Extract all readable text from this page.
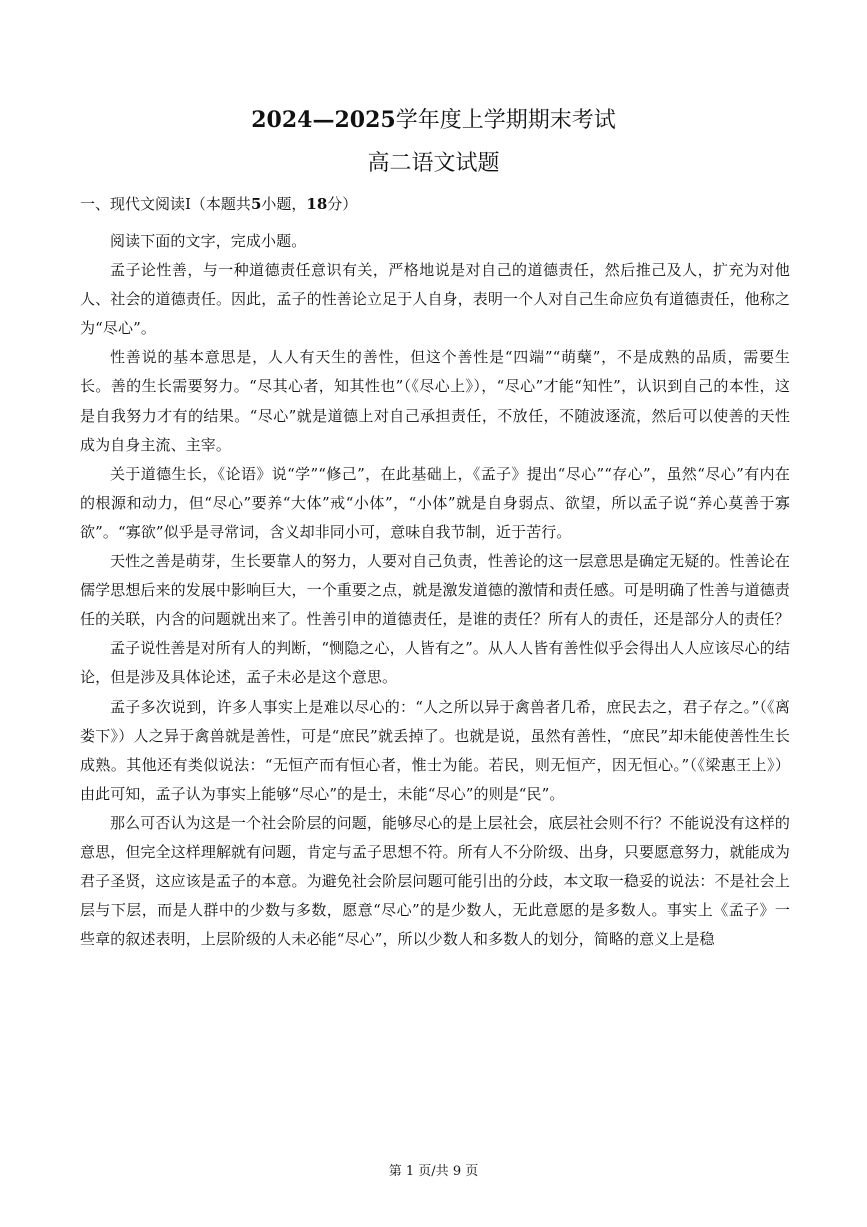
2024—2025学年度上学期期末考试
高二语文试题
一、现代文阅读Ⅰ（本题共5小题，18分）

阅读下面的文字，完成小题。

孟子论性善，与一种道德责任意识有关，严格地说是对自己的道德责任，然后推己及人，扩充为对他人、社会的道德责任。因此，孟子的性善论立足于人自身，表明一个人对自己生命应负有道德责任，他称之为“尽心”。

性善说的基本意思是，人人有天生的善性，但这个善性是“四端”“萌蘖”，不是成熟的品质，需要生长。善的生长需要努力。“尽其心者，知其性也”（《尽心上》），“尽心”才能“知性”，认识到自己的本性，这是自我努力才有的结果。“尽心”就是道德上对自己承担责任，不放任，不随波逐流，然后可以使善的天性成为自身主流、主宰。

关于道德生长，《论语》说“学”“修己”，在此基础上，《孟子》提出“尽心”“存心”，虽然“尽心”有内在的根源和动力，但“尽心”要养“大体”戒“小体”，“小体”就是自身弱点、欲望，所以孟子说“养心莫善于寡欲”。“寡欲”似乎是寻常词，含义却非同小可，意味自我节制，近于苦行。

天性之善是萌芽，生长要靠人的努力，人要对自己负责，性善论的这一层意思是确定无疑的。性善论在儒学思想后来的发展中影响巨大，一个重要之点，就是激发道德的激情和责任感。可是明确了性善与道德责任的关联，内含的问题就出来了。性善引申的道德责任，是谁的责任？所有人的责任，还是部分人的责任？

孟子说性善是对所有人的判断，“恻隐之心，人皆有之”。从人人皆有善性似乎会得出人人应该尽心的结论，但是涉及具体论述，孟子未必是这个意思。

孟子多次说到，许多人事实上是难以尽心的：“人之所以异于禽兽者几希，庶民去之，君子存之。”（《离娄下》）人之异于禽兽就是善性，可是“庶民”就丢掉了。也就是说，虽然有善性，“庶民”却未能使善性生长成熟。其他还有类似说法：“无恒产而有恒心者，惟士为能。若民，则无恒产，因无恒心。”（《梁惠王上》）由此可知，孟子认为事实上能够“尽心”的是士，未能“尽心”的则是“民”。

那么可否认为这是一个社会阶层的问题，能够尽心的是上层社会，底层社会则不行？不能说没有这样的意思，但完全这样理解就有问题，肯定与孟子思想不符。所有人不分阶级、出身，只要愿意努力，就能成为君子圣贤，这应该是孟子的本意。为避免社会阶层问题可能引出的分歧，本文取一稳妥的说法：不是社会上层与下层，而是人群中的少数与多数，愿意“尽心”的是少数人，无此意愿的是多数人。事实上《孟子》一些章的叙述表明，上层阶级的人未必能“尽心”，所以少数人和多数人的划分，简略的意义上是稳

第 1 页/共 9 页
